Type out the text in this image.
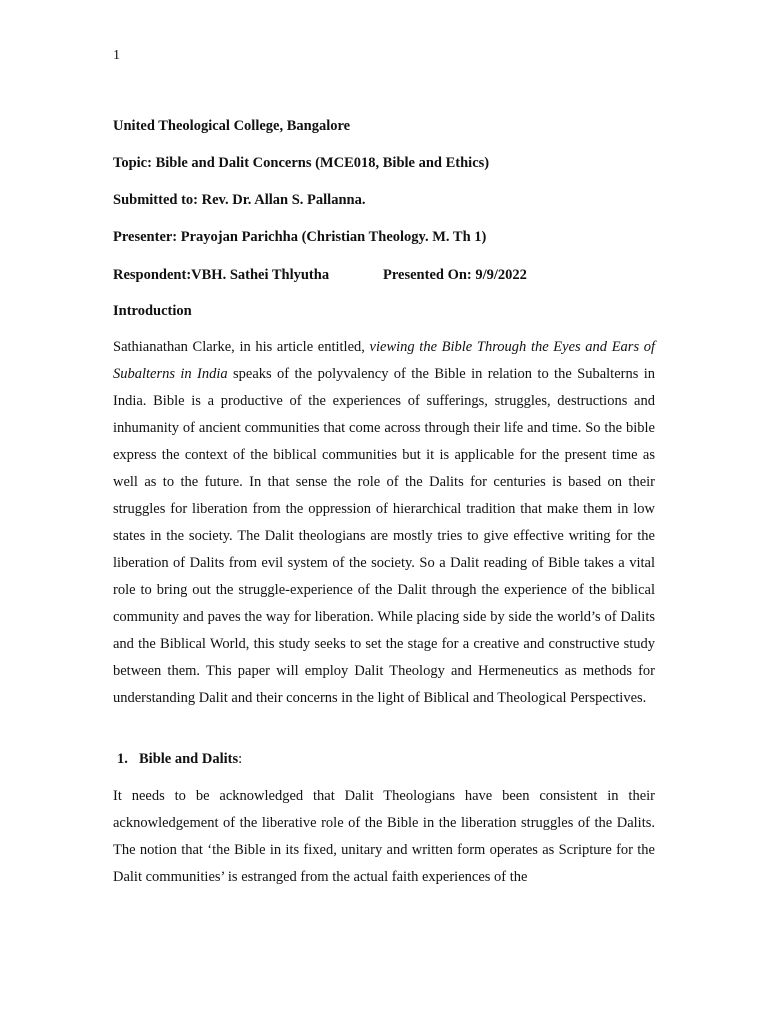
1
United Theological College, Bangalore
Topic: Bible and Dalit Concerns (MCE018, Bible and Ethics)
Submitted to: Rev. Dr. Allan S. Pallanna.
Presenter: Prayojan Parichha (Christian Theology. M. Th 1)
Respondent:VBH. Sathei Thlyutha	Presented On: 9/9/2022
Introduction

Sathianathan Clarke, in his article entitled, viewing the Bible Through the Eyes and Ears of Subalterns in India speaks of the polyvalency of the Bible in relation to the Subalterns in India. Bible is a productive of the experiences of sufferings, struggles, destructions and inhumanity of ancient communities that come across through their life and time. So the bible express the context of the biblical communities but it is applicable for the present time as well as to the future. In that sense the role of the Dalits for centuries is based on their struggles for liberation from the oppression of hierarchical tradition that make them in low states in the society. The Dalit theologians are mostly tries to give effective writing for the liberation of Dalits from evil system of the society. So a Dalit reading of Bible takes a vital role to bring out the struggle-experience of the Dalit through the experience of the biblical community and paves the way for liberation. While placing side by side the world’s of Dalits and the Biblical World, this study seeks to set the stage for a creative and constructive study between them. This paper will employ Dalit Theology and Hermeneutics as methods for understanding Dalit and their concerns in the light of Biblical and Theological Perspectives.

1. Bible and Dalits:

It needs to be acknowledged that Dalit Theologians have been consistent in their acknowledgement of the liberative role of the Bible in the liberation struggles of the Dalits. The notion that ‘the Bible in its fixed, unitary and written form operates as Scripture for the Dalit communities’ is estranged from the actual faith experiences of the
